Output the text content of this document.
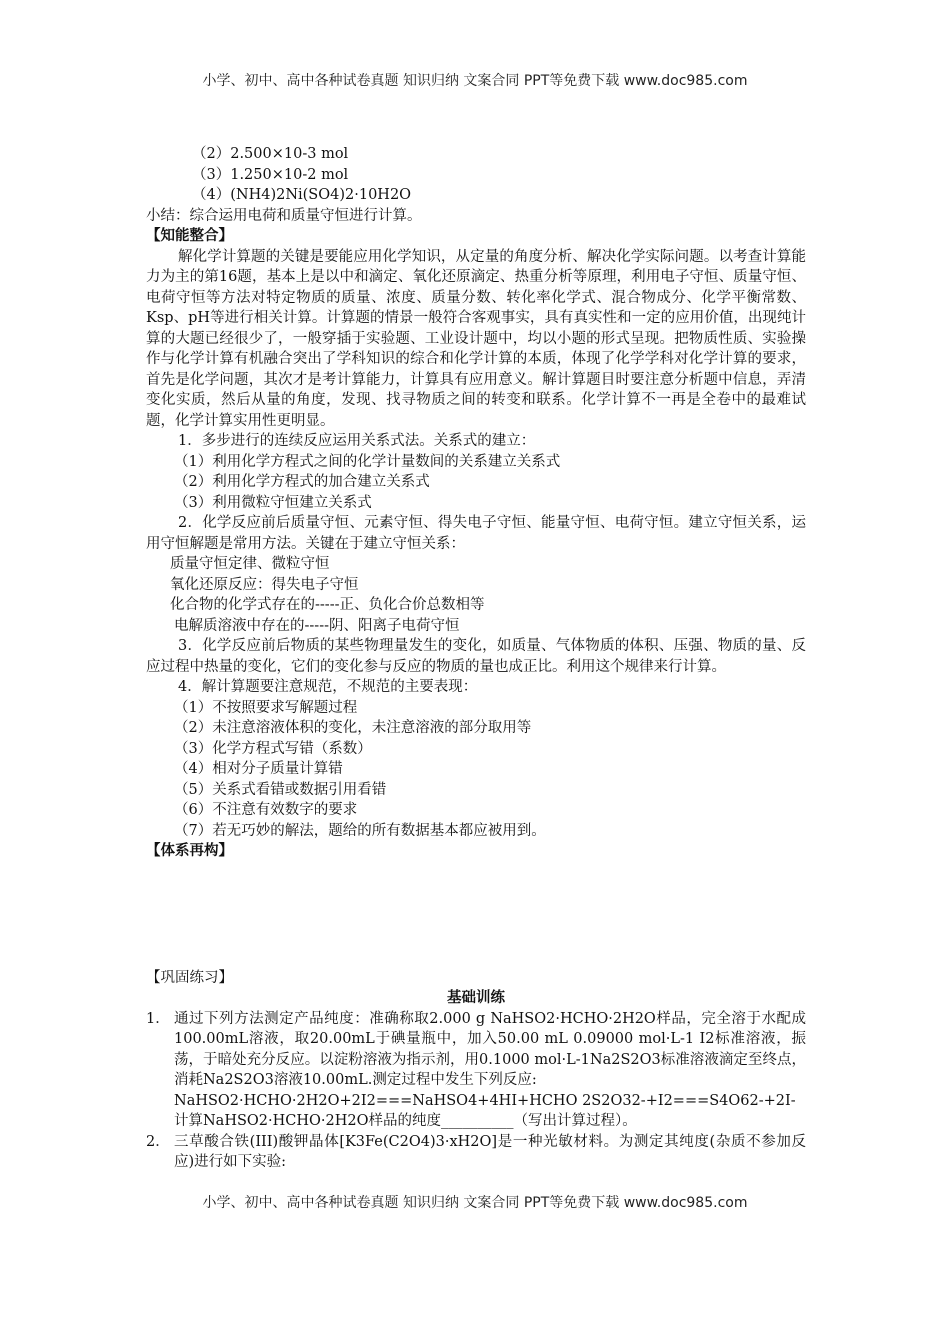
小学、初中、高中各种试卷真题 知识归纳 文案合同 PPT等免费下载 www.doc985.com
（2）2.500×10-3 mol
（3）1.250×10-2 mol
（4）(NH4)2Ni(SO4)2·10H2O
小结：综合运用电荷和质量守恒进行计算。
【知能整合】
解化学计算题的关键是要能应用化学知识，从定量的角度分析、解决化学实际问题。以考查计算能力为主的第16题，基本上是以中和滴定、氧化还原滴定、热重分析等原理，利用电子守恒、质量守恒、电荷守恒等方法对特定物质的质量、浓度、质量分数、转化率化学式、混合物成分、化学平衡常数、Ksp、pH等进行相关计算。计算题的情景一般符合客观事实，具有真实性和一定的应用价值，出现纯计算的大题已经很少了，一般穿插于实验题、工业设计题中，均以小题的形式呈现。把物质性质、实验操作与化学计算有机融合突出了学科知识的综合和化学计算的本质，体现了化学学科对化学计算的要求，首先是化学问题，其次才是考计算能力，计算具有应用意义。解计算题目时要注意分析题中信息，弄清变化实质，然后从量的角度，发现、找寻物质之间的转变和联系。化学计算不一再是全卷中的最难试题，化学计算实用性更明显。
1．多步进行的连续反应运用关系式法。关系式的建立：
（1）利用化学方程式之间的化学计量数间的关系建立关系式
（2）利用化学方程式的加合建立关系式
（3）利用微粒守恒建立关系式
2．化学反应前后质量守恒、元素守恒、得失电子守恒、能量守恒、电荷守恒。建立守恒关系，运用守恒解题是常用方法。关键在于建立守恒关系：
质量守恒定律、微粒守恒
氧化还原反应：得失电子守恒
化合物的化学式存在的-----正、负化合价总数相等
电解质溶液中存在的-----阴、阳离子电荷守恒
3．化学反应前后物质的某些物理量发生的变化，如质量、气体物质的体积、压强、物质的量、反应过程中热量的变化，它们的变化参与反应的物质的量也成正比。利用这个规律来行计算。
4．解计算题要注意规范，不规范的主要表现：
（1）不按照要求写解题过程
（2）未注意溶液体积的变化，未注意溶液的部分取用等
（3）化学方程式写错（系数）
（4）相对分子质量计算错
（5）关系式看错或数据引用看错
（6）不注意有效数字的要求
（7）若无巧妙的解法，题给的所有数据基本都应被用到。
【体系再构】
【巩固练习】
基础训练
1． 通过下列方法测定产品纯度：准确称取2.000 g NaHSO2·HCHO·2H2O样品，完全溶于水配成100.00mL溶液，取20.00mL于碘量瓶中，加入50.00 mL 0.09000 mol·L-1 I2标准溶液，振荡，于暗处充分反应。以淀粉溶液为指示剂，用0.1000 mol·L-1Na2S2O3标准溶液滴定至终点，消耗Na2S2O3溶液10.00mL.测定过程中发生下列反应:
NaHSO2·HCHO·2H2O+2I2===NaHSO4+4HI+HCHO 2S2O32-+I2===S4O62-+2I-
计算NaHSO2·HCHO·2H2O样品的纯度__________（写出计算过程）。
2． 三草酸合铁(III)酸钾晶体[K3Fe(C2O4)3·xH2O]是一种光敏材料。为测定其纯度(杂质不参加反应)进行如下实验:
小学、初中、高中各种试卷真题 知识归纳 文案合同 PPT等免费下载 www.doc985.com
